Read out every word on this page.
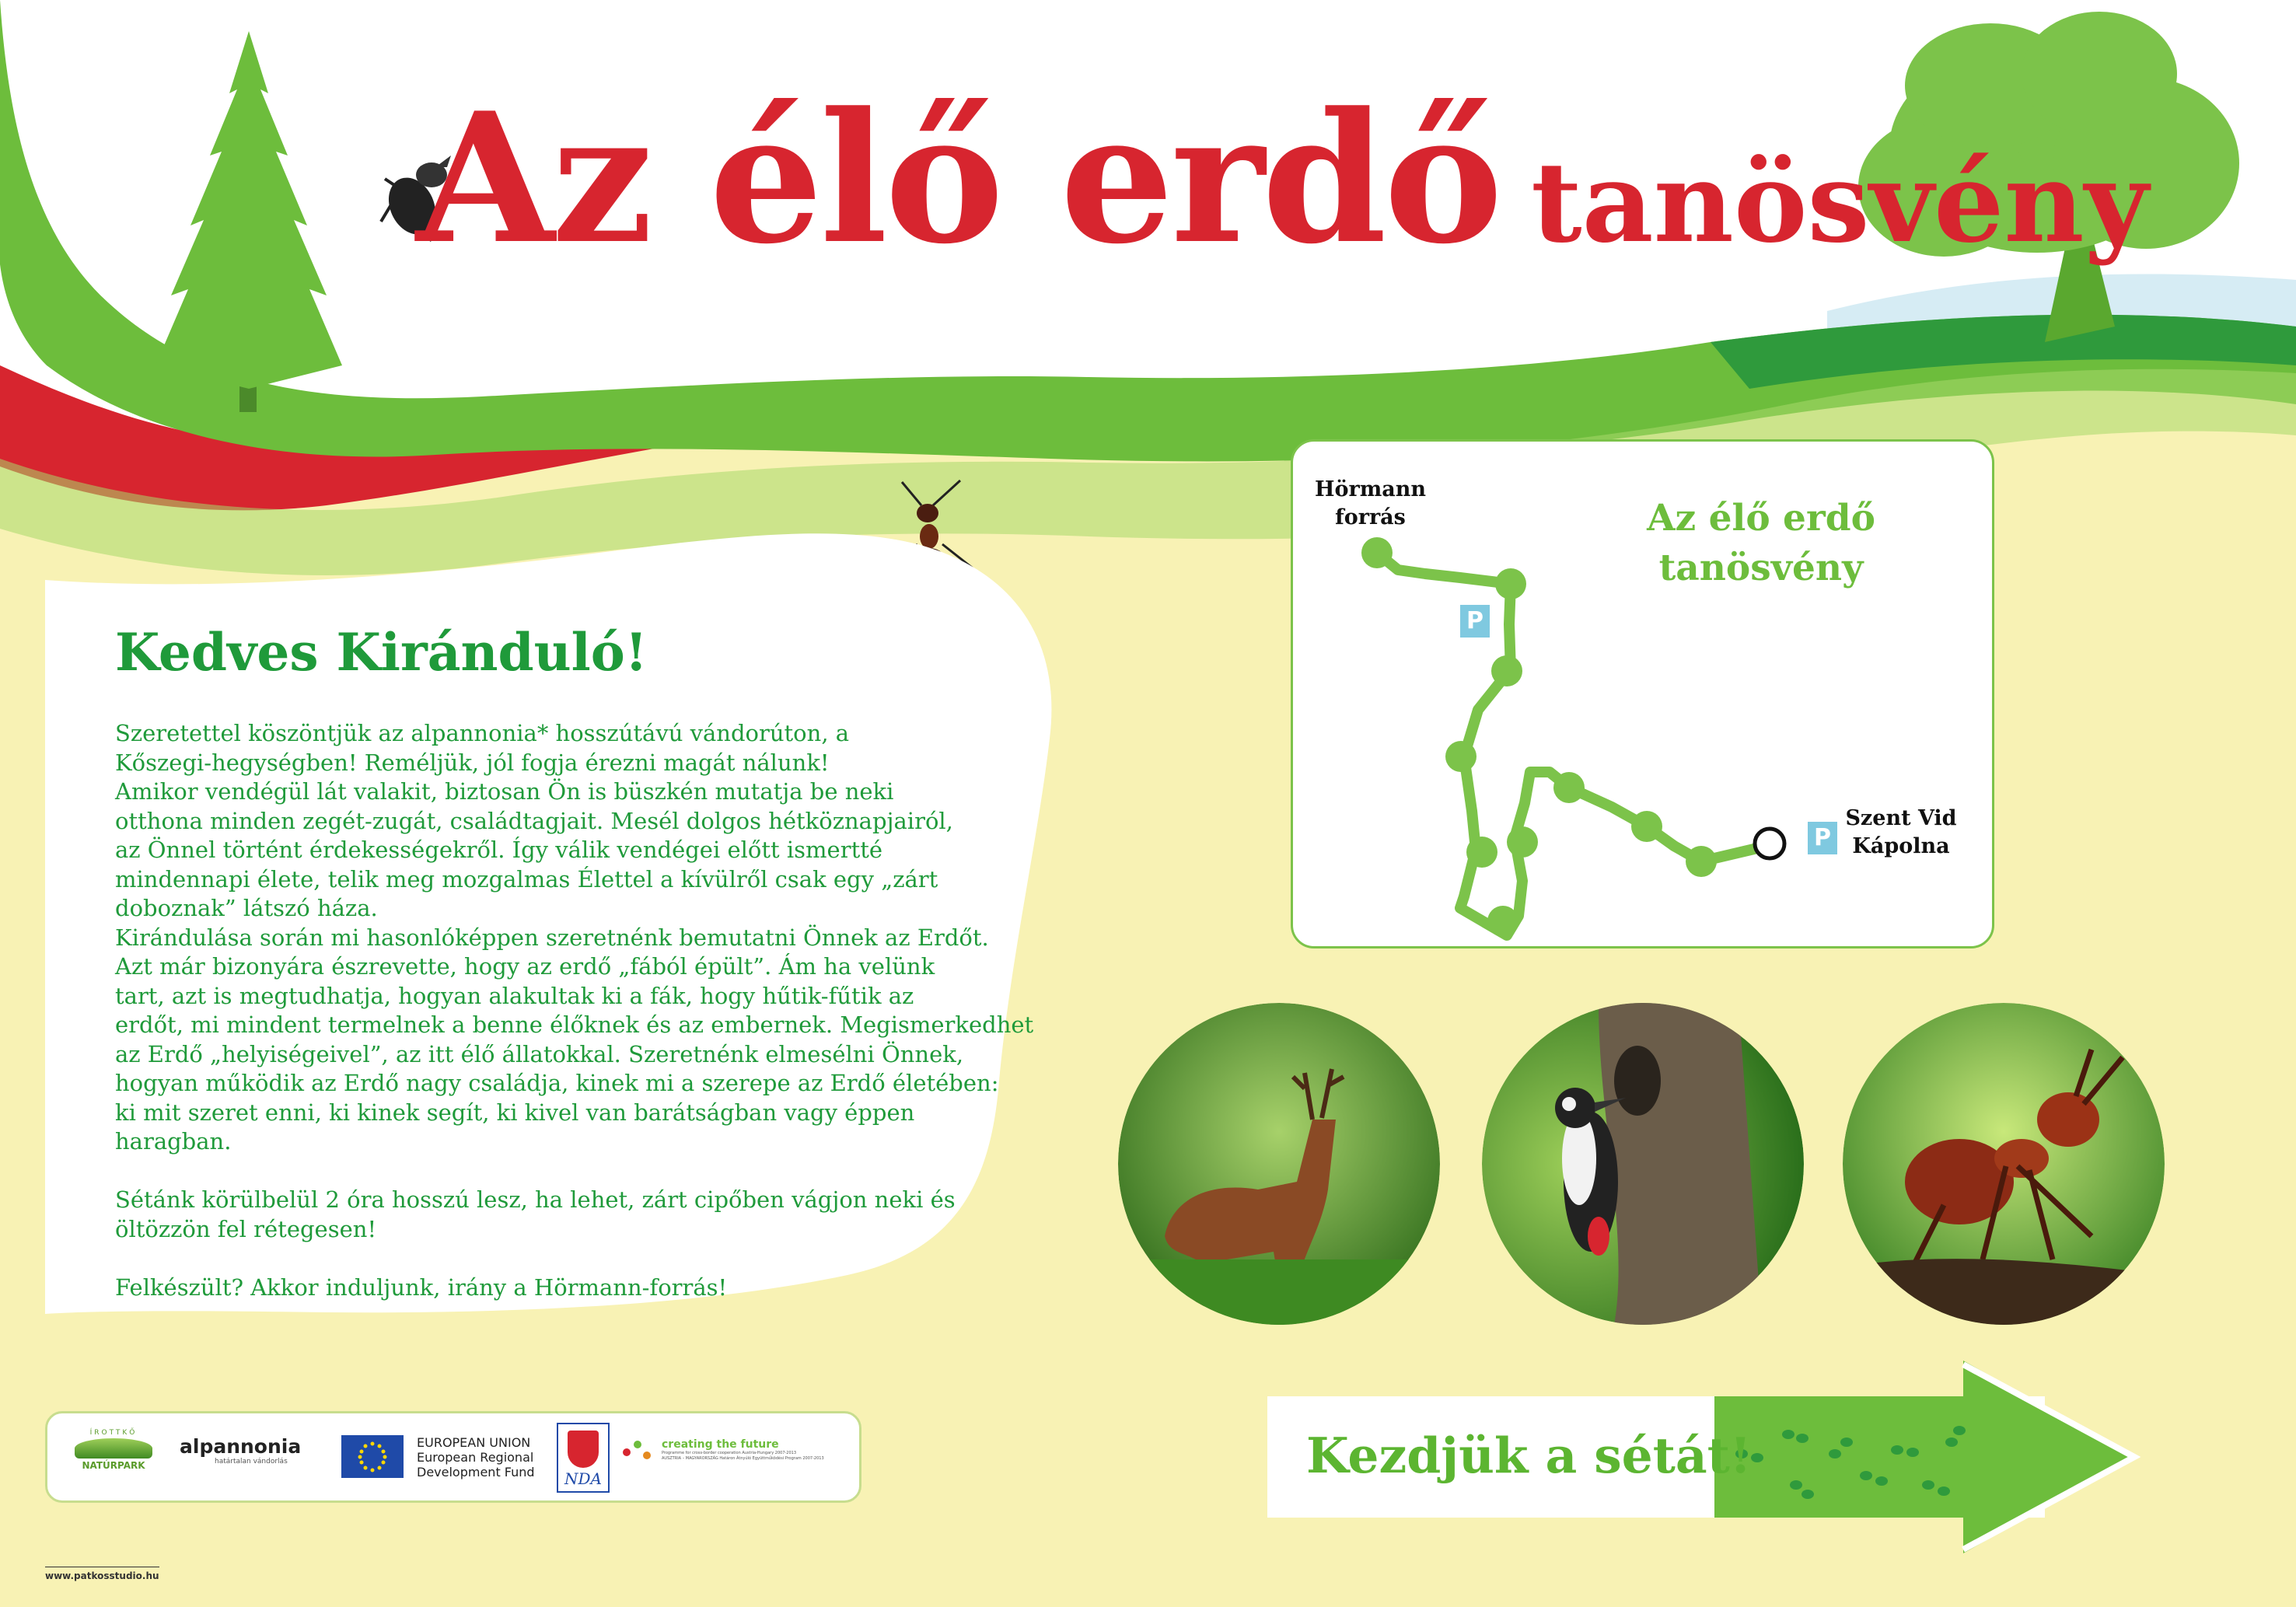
Az élő erdő tanösvény
Kedves Kiránduló!

Szeretettel köszöntjük az alpannonia* hosszútávú vándorúton, a

Kőszegi-hegységben! Reméljük, jól fogja érezni magát nálunk!

Amikor vendégül lát valakit, biztosan Ön is büszkén mutatja be neki

otthona minden zegét-zugát, családtagjait. Mesél dolgos hétköznapjairól,

az Önnel történt érdekességekről. Így válik vendégei előtt ismertté

mindennapi élete, telik meg mozgalmas Élettel a kívülről csak egy „zárt

doboznak” látszó háza.

Kirándulása során mi hasonlóképpen szeretnénk bemutatni Önnek az Erdőt.

Azt már bizonyára észrevette, hogy az erdő „fából épült”. Ám ha velünk

tart, azt is megtudhatja, hogyan alakultak ki a fák, hogy hűtik-fűtik az

erdőt, mi mindent termelnek a benne élőknek és az embernek. Megismerkedhet

az Erdő „helyiségeivel”, az itt élő állatokkal. Szeretnénk elmesélni Önnek,

hogyan működik az Erdő nagy családja, kinek mi a szerepe az Erdő életében:

ki mit szeret enni, ki kinek segít, ki kivel van barátságban vagy éppen

haragban.

Sétánk körülbelül 2 óra hosszú lesz, ha lehet, zárt cipőben vágjon neki és

öltözzön fel rétegesen!

Felkészült? Akkor induljunk, irány a Hörmann-forrás!

Az élő erdő
tanösvény
Hörmann
forrás
Szent Vid
Kápolna
P
P
ÍROTTKŐ
NATÚRPARK
alpannonia
határtalan vándorlás
EUROPEAN UNION
European Regional
Development Fund	NDA
creating the future
Programme for cross-border cooperation Austria-Hungary 2007-2013
AUSZTRIA – MAGYARORSZÁG Határon Átnyúló Együttműködési Program 2007-2013	Kezdjük a sétát!
www.patkosstudio.hu
